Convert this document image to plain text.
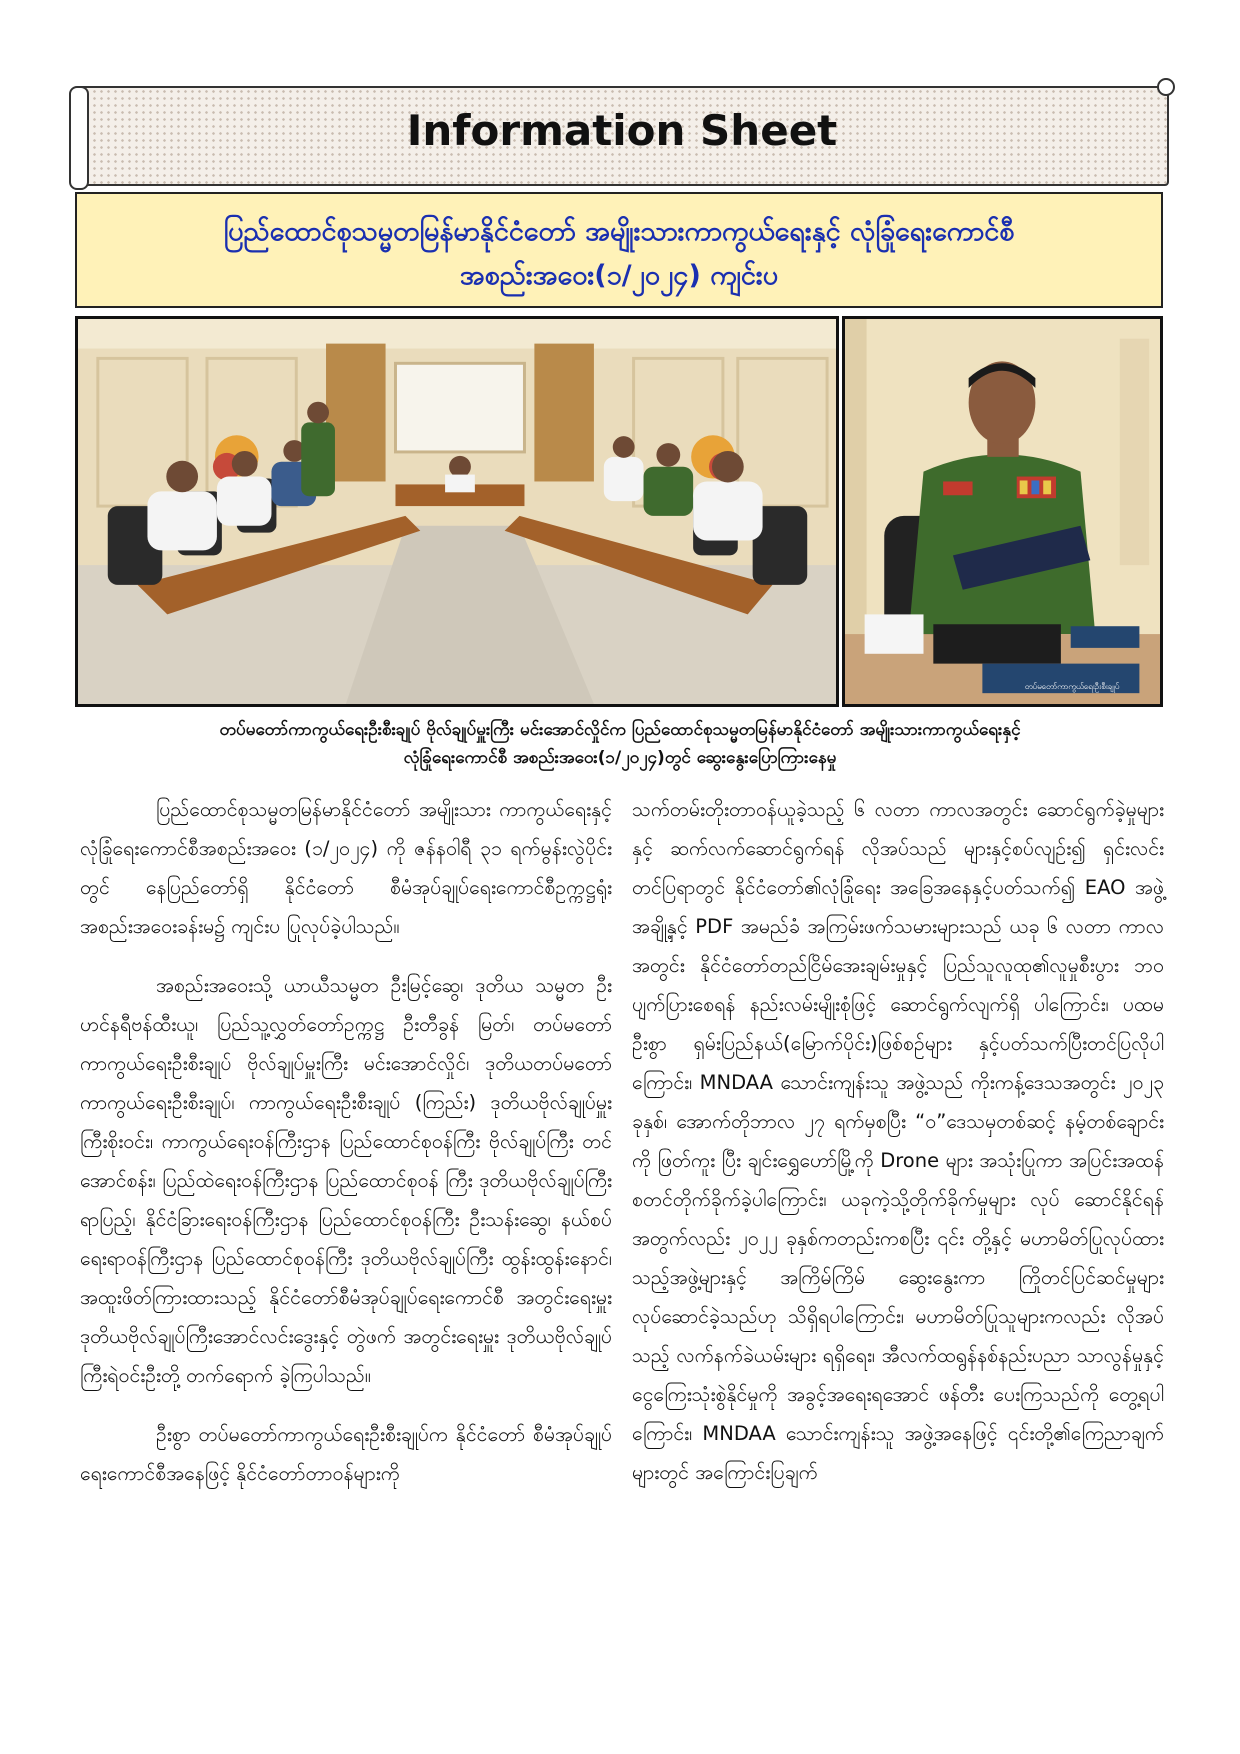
Information Sheet
ပြည်ထောင်စုသမ္မတမြန်မာနိုင်ငံတော် အမျိုးသားကာကွယ်ရေးနှင့် လုံခြုံရေးကောင်စီ
အစည်းအဝေး(၁/၂၀၂၄) ကျင်းပ
တပ်မတော်ကာကွယ်ရေးဦးစီးချုပ်
တပ်မတော်ကာကွယ်ရေးဦးစီးချုပ် ဗိုလ်ချုပ်မှူးကြီး မင်းအောင်လှိုင်က ပြည်ထောင်စုသမ္မတမြန်မာနိုင်ငံတော် အမျိုးသားကာကွယ်ရေးနှင့်
လုံခြုံရေးကောင်စီ အစည်းအဝေး(၁/၂၀၂၄)တွင် ဆွေးနွေးပြောကြားနေမှု

ပြည်ထောင်စုသမ္မတမြန်မာနိုင်ငံတော် အမျိုးသား ကာကွယ်ရေးနှင့် လုံခြုံရေးကောင်စီအစည်းအဝေး (၁/၂၀၂၄) ကို ဇန်နဝါရီ ၃၁ ရက်မွန်းလွဲပိုင်းတွင် နေပြည်တော်ရှိ နိုင်ငံတော် စီမံအုပ်ချုပ်ရေးကောင်စီဥက္ကဋ္ဌရုံး အစည်းအဝေးခန်းမ၌ ကျင်းပ ပြုလုပ်ခဲ့ပါသည်။

အစည်းအဝေးသို့ ယာယီသမ္မတ ဦးမြင့်ဆွေ၊ ဒုတိယ သမ္မတ ဦးဟင်နရီဗန်ထီးယူ၊ ပြည်သူ့လွှတ်တော်ဥက္ကဋ္ဌ ဦးတီခွန် မြတ်၊ တပ်မတော်ကာကွယ်ရေးဦးစီးချုပ် ဗိုလ်ချုပ်မှူးကြီး မင်းအောင်လှိုင်၊ ဒုတိယတပ်မတော်ကာကွယ်ရေးဦးစီးချုပ်၊ ကာကွယ်ရေးဦးစီးချုပ် (ကြည်း) ဒုတိယဗိုလ်ချုပ်မှူးကြီးစိုးဝင်း၊ ကာကွယ်ရေးဝန်ကြီးဌာန ပြည်ထောင်စုဝန်ကြီး ဗိုလ်ချုပ်ကြီး တင်အောင်စန်း၊ ပြည်ထဲရေးဝန်ကြီးဌာန ပြည်ထောင်စုဝန် ကြီး ဒုတိယဗိုလ်ချုပ်ကြီး ရာပြည့်၊ နိုင်ငံခြားရေးဝန်ကြီးဌာန ပြည်ထောင်စုဝန်ကြီး ဦးသန်းဆွေ၊ နယ်စပ်ရေးရာဝန်ကြီးဌာန ပြည်ထောင်စုဝန်ကြီး ဒုတိယဗိုလ်ချုပ်ကြီး ထွန်းထွန်းနောင်၊ အထူးဖိတ်ကြားထားသည့် နိုင်ငံတော်စီမံအုပ်ချုပ်ရေးကောင်စီ အတွင်းရေးမှူး ဒုတိယဗိုလ်ချုပ်ကြီးအောင်လင်းဒွေးနှင့် တွဲဖက် အတွင်းရေးမှူး ဒုတိယဗိုလ်ချုပ်ကြီးရဲဝင်းဦးတို့ တက်ရောက် ခဲ့ကြပါသည်။

ဦးစွာ တပ်မတော်ကာကွယ်ရေးဦးစီးချုပ်က နိုင်ငံတော် စီမံအုပ်ချုပ်ရေးကောင်စီအနေဖြင့် နိုင်ငံတော်တာဝန်များကို

သက်တမ်းတိုးတာဝန်ယူခဲ့သည့် ၆ လတာ ကာလအတွင်း ဆောင်ရွက်ခဲ့မှုများနှင့် ဆက်လက်ဆောင်ရွက်ရန် လိုအပ်သည် များနှင့်စပ်လျဉ်း၍ ရှင်းလင်းတင်ပြရာတွင် နိုင်ငံတော်၏လုံခြုံရေး အခြေအနေနှင့်ပတ်သက်၍ EAO အဖွဲ့ အချို့နှင့် PDF အမည်ခံ အကြမ်းဖက်သမားများသည် ယခု ၆ လတာ ကာလအတွင်း နိုင်ငံတော်တည်ငြိမ်အေးချမ်းမှုနှင့် ပြည်သူလူထု၏လူမှုစီးပွား ဘဝပျက်ပြားစေရန် နည်းလမ်းမျိုးစုံဖြင့် ဆောင်ရွက်လျက်ရှိ ပါကြောင်း၊ ပထမဦးစွာ ရှမ်းပြည်နယ်(မြောက်ပိုင်း)ဖြစ်စဉ်များ နှင့်ပတ်သက်ပြီးတင်ပြလိုပါကြောင်း၊ MNDAA သောင်းကျန်းသူ အဖွဲ့သည် ကိုးကန့်ဒေသအတွင်း ၂၀၂၃ ခုနှစ်၊ အောက်တိုဘာလ ၂၇ ရက်မှစပြီး “ဝ”ဒေသမှတစ်ဆင့် နမ့်တစ်ချောင်းကို ဖြတ်ကူး ပြီး ချင်းရွှေဟော်မြို့ကို Drone များ အသုံးပြုကာ အပြင်းအထန် စတင်တိုက်ခိုက်ခဲ့ပါကြောင်း၊ ယခုကဲ့သို့တိုက်ခိုက်မှုများ လုပ် ဆောင်နိုင်ရန် အတွက်လည်း ၂၀၂၂ ခုနှစ်ကတည်းကစပြီး ၎င်း တို့နှင့် မဟာမိတ်ပြုလုပ်ထားသည့်အဖွဲ့များနှင့် အကြိမ်ကြိမ် ဆွေးနွေးကာ ကြိုတင်ပြင်ဆင်မှုများ လုပ်ဆောင်ခဲ့သည်ဟု သိရှိရပါကြောင်း၊ မဟာမိတ်ပြုသူများကလည်း လိုအပ်သည့် လက်နက်ခဲယမ်းများ ရရှိရေး၊ အီလက်ထရွန်နစ်နည်းပညာ သာလွန်မှုနှင့် ငွေကြေးသုံးစွဲနိုင်မှုကို အခွင့်အရေးရအောင် ဖန်တီး ပေးကြသည်ကို တွေ့ရပါကြောင်း၊ MNDAA သောင်းကျန်းသူ အဖွဲ့အနေဖြင့် ၎င်းတို့၏ကြေညာချက်များတွင် အကြောင်းပြချက်
